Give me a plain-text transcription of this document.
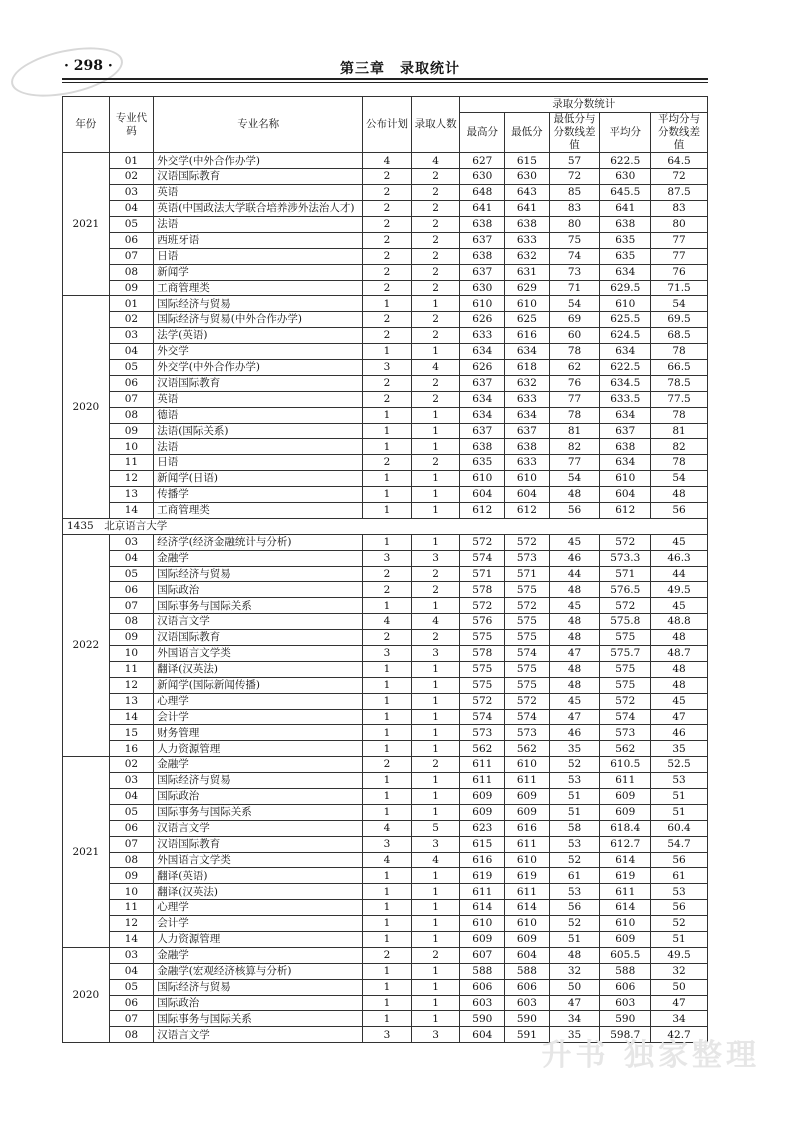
· 298 ·	第三章　录取统计
年份	专业代码	专业名称	公布计划	录取人数	录取分数统计				
					最高分	最低分	最低分与分数线差值	平均分	平均分与分数线差值
2021	01	外交学(中外合作办学)	4	4	627	615	57	622.5	64.5
	02	汉语国际教育	2	2	630	630	72	630	72
	03	英语	2	2	648	643	85	645.5	87.5
	04	英语(中国政法大学联合培养涉外法治人才)	2	2	641	641	83	641	83
	05	法语	2	2	638	638	80	638	80
	06	西班牙语	2	2	637	633	75	635	77
	07	日语	2	2	638	632	74	635	77
	08	新闻学	2	2	637	631	73	634	76
	09	工商管理类	2	2	630	629	71	629.5	71.5
2020	01	国际经济与贸易	1	1	610	610	54	610	54
	02	国际经济与贸易(中外合作办学)	2	2	626	625	69	625.5	69.5
	03	法学(英语)	2	2	633	616	60	624.5	68.5
	04	外交学	1	1	634	634	78	634	78
	05	外交学(中外合作办学)	3	4	626	618	62	622.5	66.5
	06	汉语国际教育	2	2	637	632	76	634.5	78.5
	07	英语	2	2	634	633	77	633.5	77.5
	08	德语	1	1	634	634	78	634	78
	09	法语(国际关系)	1	1	637	637	81	637	81
	10	法语	1	1	638	638	82	638	82
	11	日语	2	2	635	633	77	634	78
	12	新闻学(日语)	1	1	610	610	54	610	54
	13	传播学	1	1	604	604	48	604	48
	14	工商管理类	1	1	612	612	56	612	56
1435　北京语言大学									
2022	03	经济学(经济金融统计与分析)	1	1	572	572	45	572	45
	04	金融学	3	3	574	573	46	573.3	46.3
	05	国际经济与贸易	2	2	571	571	44	571	44
	06	国际政治	2	2	578	575	48	576.5	49.5
	07	国际事务与国际关系	1	1	572	572	45	572	45
	08	汉语言文学	4	4	576	575	48	575.8	48.8
	09	汉语国际教育	2	2	575	575	48	575	48
	10	外国语言文学类	3	3	578	574	47	575.7	48.7
	11	翻译(汉英法)	1	1	575	575	48	575	48
	12	新闻学(国际新闻传播)	1	1	575	575	48	575	48
	13	心理学	1	1	572	572	45	572	45
	14	会计学	1	1	574	574	47	574	47
	15	财务管理	1	1	573	573	46	573	46
	16	人力资源管理	1	1	562	562	35	562	35
2021	02	金融学	2	2	611	610	52	610.5	52.5
	03	国际经济与贸易	1	1	611	611	53	611	53
	04	国际政治	1	1	609	609	51	609	51
	05	国际事务与国际关系	1	1	609	609	51	609	51
	06	汉语言文学	4	5	623	616	58	618.4	60.4
	07	汉语国际教育	3	3	615	611	53	612.7	54.7
	08	外国语言文学类	4	4	616	610	52	614	56
	09	翻译(英语)	1	1	619	619	61	619	61
	10	翻译(汉英法)	1	1	611	611	53	611	53
	11	心理学	1	1	614	614	56	614	56
	12	会计学	1	1	610	610	52	610	52
	14	人力资源管理	1	1	609	609	51	609	51
2020	03	金融学	2	2	607	604	48	605.5	49.5
	04	金融学(宏观经济核算与分析)	1	1	588	588	32	588	32
	05	国际经济与贸易	1	1	606	606	50	606	50
	06	国际政治	1	1	603	603	47	603	47
	07	国际事务与国际关系	1	1	590	590	34	590	34
	08	汉语言文学	3	3	604	591	35	598.7	42.7
升书 独家整理
